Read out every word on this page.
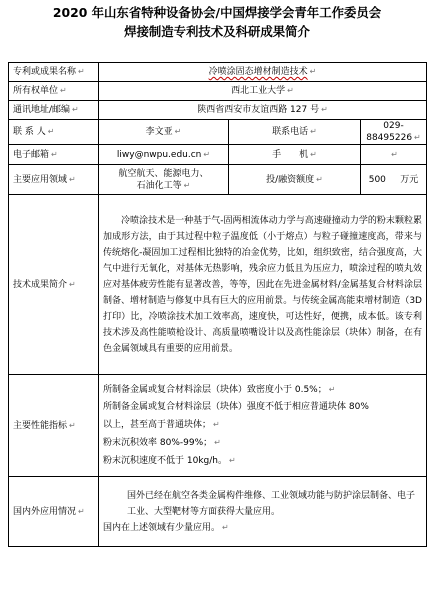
2020 年山东省特种设备协会/中国焊接学会青年工作委员会
焊接制造专利技术及科研成果简介
专利或成果名称 ↵	冷喷涂固态增材制造技术 ↵		
所有权单位 ↵	西北工业大学 ↵		
通讯地址/邮编 ↵	陕西省西安市友谊西路 127 号 ↵		
联 系 人 ↵	李文亚 ↵	联系电话 ↵	029-88495226 ↵
电子邮箱 ↵	liwy@nwpu.edu.cn ↵	手　　机 ↵	↵
主要应用领域 ↵	航空航天、能源电力、
石油化工等 ↵	投/融资额度 ↵	500 万元
技术成果简介 ↵	冷喷涂技术是一种基于气-固两相流体动力学与高速碰撞动力学的粉末颗粒累加成形方法，由于其过程中粒子温度低（小于熔点）与粒子碰撞速度高，带来与传统熔化-凝固加工过程相比独特的冶金优势，比如，组织致密，结合强度高，大气中进行无氧化，对基体无热影响，残余应力低且为压应力，喷涂过程的喷丸效应对基体疲劳性能有显著改善，等等，因此在先进金属材料/金属基复合材料涂层制备、增材制造与修复中具有巨大的应用前景。与传统金属高能束增材制造（3D 打印）比，冷喷涂技术加工效率高，速度快，可达性好，便携，成本低。该专利技术涉及高性能喷枪设计、高质量喷嘴设计以及高性能涂层（块体）制备，在有色金属领域具有重要的应用前景。		

主要性能指标 ↵	所制备金属或复合材料涂层（块体）致密度小于 0.5%； ↵
所制备金属或复合材料涂层（块体）强度不低于相应普通块体 80%
以上，甚至高于普通块体； ↵
粉末沉积效率 80%-99%； ↵
粉末沉积速度不低于 10kg/h。 ↵		

国内外应用情况 ↵	国外已经在航空各类金属构件维修、工业领域功能与防护涂层制备、电子工业、大型靶材等方面获得大量应用。
国内在上述领域有少量应用。 ↵		
